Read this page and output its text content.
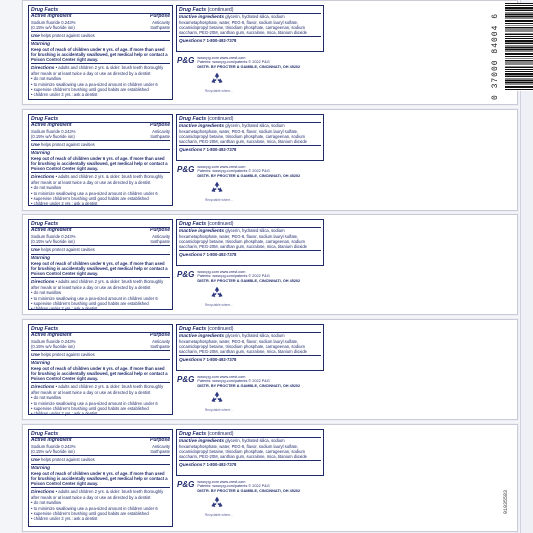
Drug Facts
Active ingredient	Purpose
Sodium fluoride 0.243%	Anticavity
(0.15% w/v fluoride ion)	toothpaste
Use helps protect against cavities
Warning
Keep out of reach of children under 6 yrs. of age. If more than used for brushing is accidentally swallowed, get medical help or contact a Poison Control Center right away.
Directions • adults and children 2 yrs. & older: brush teeth thoroughly after meals or at least twice a day or use as directed by a dentist
• do not swallow
• to minimize swallowing use a pea-sized amount in children under 6
• supervise children's brushing until good habits are established
• children under 2 yrs.: ask a dentist
Drug Facts (continued)
Inactive ingredients glycerin, hydrated silica, sodium hexametaphosphate, water, PEG-6, flavor, sodium lauryl sulfate, cocamidopropyl betaine, trisodium phosphate, carrageenan, sodium saccharin, PEG-20M, xanthan gum, sucralose, mica, titanium dioxide
Questions? 1-800-492-7378
P&G www.pg.com www.crest.com
Patents: www.pg.com/patents © 2022 P&G
DISTR. BY PROCTER & GAMBLE, CINCINNATI, OH 45202
Recyclable where...	0 37000 84004 6
Drug Facts
Active ingredient	Purpose
Sodium fluoride 0.243%	Anticavity
(0.15% w/v fluoride ion)	toothpaste
Use helps protect against cavities
Warning
Keep out of reach of children under 6 yrs. of age. If more than used for brushing is accidentally swallowed, get medical help or contact a Poison Control Center right away.
Directions • adults and children 2 yrs. & older: brush teeth thoroughly after meals or at least twice a day or use as directed by a dentist
• do not swallow
• to minimize swallowing use a pea-sized amount in children under 6
• supervise children's brushing until good habits are established
• children under 2 yrs.: ask a dentist
Drug Facts (continued)
Inactive ingredients glycerin, hydrated silica, sodium hexametaphosphate, water, PEG-6, flavor, sodium lauryl sulfate, cocamidopropyl betaine, trisodium phosphate, carrageenan, sodium saccharin, PEG-20M, xanthan gum, sucralose, mica, titanium dioxide
Questions? 1-800-492-7378
P&G www.pg.com www.crest.com
Patents: www.pg.com/patents © 2022 P&G
DISTR. BY PROCTER & GAMBLE, CINCINNATI, OH 45202
Recyclable where...
Drug Facts
Active ingredient	Purpose
Sodium fluoride 0.243%	Anticavity
(0.15% w/v fluoride ion)	toothpaste
Use helps protect against cavities
Warning
Keep out of reach of children under 6 yrs. of age. If more than used for brushing is accidentally swallowed, get medical help or contact a Poison Control Center right away.
Directions • adults and children 2 yrs. & older: brush teeth thoroughly after meals or at least twice a day or use as directed by a dentist
• do not swallow
• to minimize swallowing use a pea-sized amount in children under 6
• supervise children's brushing until good habits are established
• children under 2 yrs.: ask a dentist
Drug Facts (continued)
Inactive ingredients glycerin, hydrated silica, sodium hexametaphosphate, water, PEG-6, flavor, sodium lauryl sulfate, cocamidopropyl betaine, trisodium phosphate, carrageenan, sodium saccharin, PEG-20M, xanthan gum, sucralose, mica, titanium dioxide
Questions? 1-800-492-7378
P&G www.pg.com www.crest.com
Patents: www.pg.com/patents © 2022 P&G
DISTR. BY PROCTER & GAMBLE, CINCINNATI, OH 45202
Recyclable where...
Drug Facts
Active ingredient	Purpose
Sodium fluoride 0.243%	Anticavity
(0.15% w/v fluoride ion)	toothpaste
Use helps protect against cavities
Warning
Keep out of reach of children under 6 yrs. of age. If more than used for brushing is accidentally swallowed, get medical help or contact a Poison Control Center right away.
Directions • adults and children 2 yrs. & older: brush teeth thoroughly after meals or at least twice a day or use as directed by a dentist
• do not swallow
• to minimize swallowing use a pea-sized amount in children under 6
• supervise children's brushing until good habits are established
• children under 2 yrs.: ask a dentist
Drug Facts (continued)
Inactive ingredients glycerin, hydrated silica, sodium hexametaphosphate, water, PEG-6, flavor, sodium lauryl sulfate, cocamidopropyl betaine, trisodium phosphate, carrageenan, sodium saccharin, PEG-20M, xanthan gum, sucralose, mica, titanium dioxide
Questions? 1-800-492-7378
P&G www.pg.com www.crest.com
Patents: www.pg.com/patents © 2022 P&G
DISTR. BY PROCTER & GAMBLE, CINCINNATI, OH 45202
Recyclable where...
Drug Facts
Active ingredient	Purpose
Sodium fluoride 0.243%	Anticavity
(0.15% w/v fluoride ion)	toothpaste
Use helps protect against cavities
Warning
Keep out of reach of children under 6 yrs. of age. If more than used for brushing is accidentally swallowed, get medical help or contact a Poison Control Center right away.
Directions • adults and children 2 yrs. & older: brush teeth thoroughly after meals or at least twice a day or use as directed by a dentist
• do not swallow
• to minimize swallowing use a pea-sized amount in children under 6
• supervise children's brushing until good habits are established
• children under 2 yrs.: ask a dentist
Drug Facts (continued)
Inactive ingredients glycerin, hydrated silica, sodium hexametaphosphate, water, PEG-6, flavor, sodium lauryl sulfate, cocamidopropyl betaine, trisodium phosphate, carrageenan, sodium saccharin, PEG-20M, xanthan gum, sucralose, mica, titanium dioxide
Questions? 1-800-492-7378
P&G www.pg.com www.crest.com
Patents: www.pg.com/patents © 2022 P&G
DISTR. BY PROCTER & GAMBLE, CINCINNATI, OH 45202
Recyclable where...
91935583
